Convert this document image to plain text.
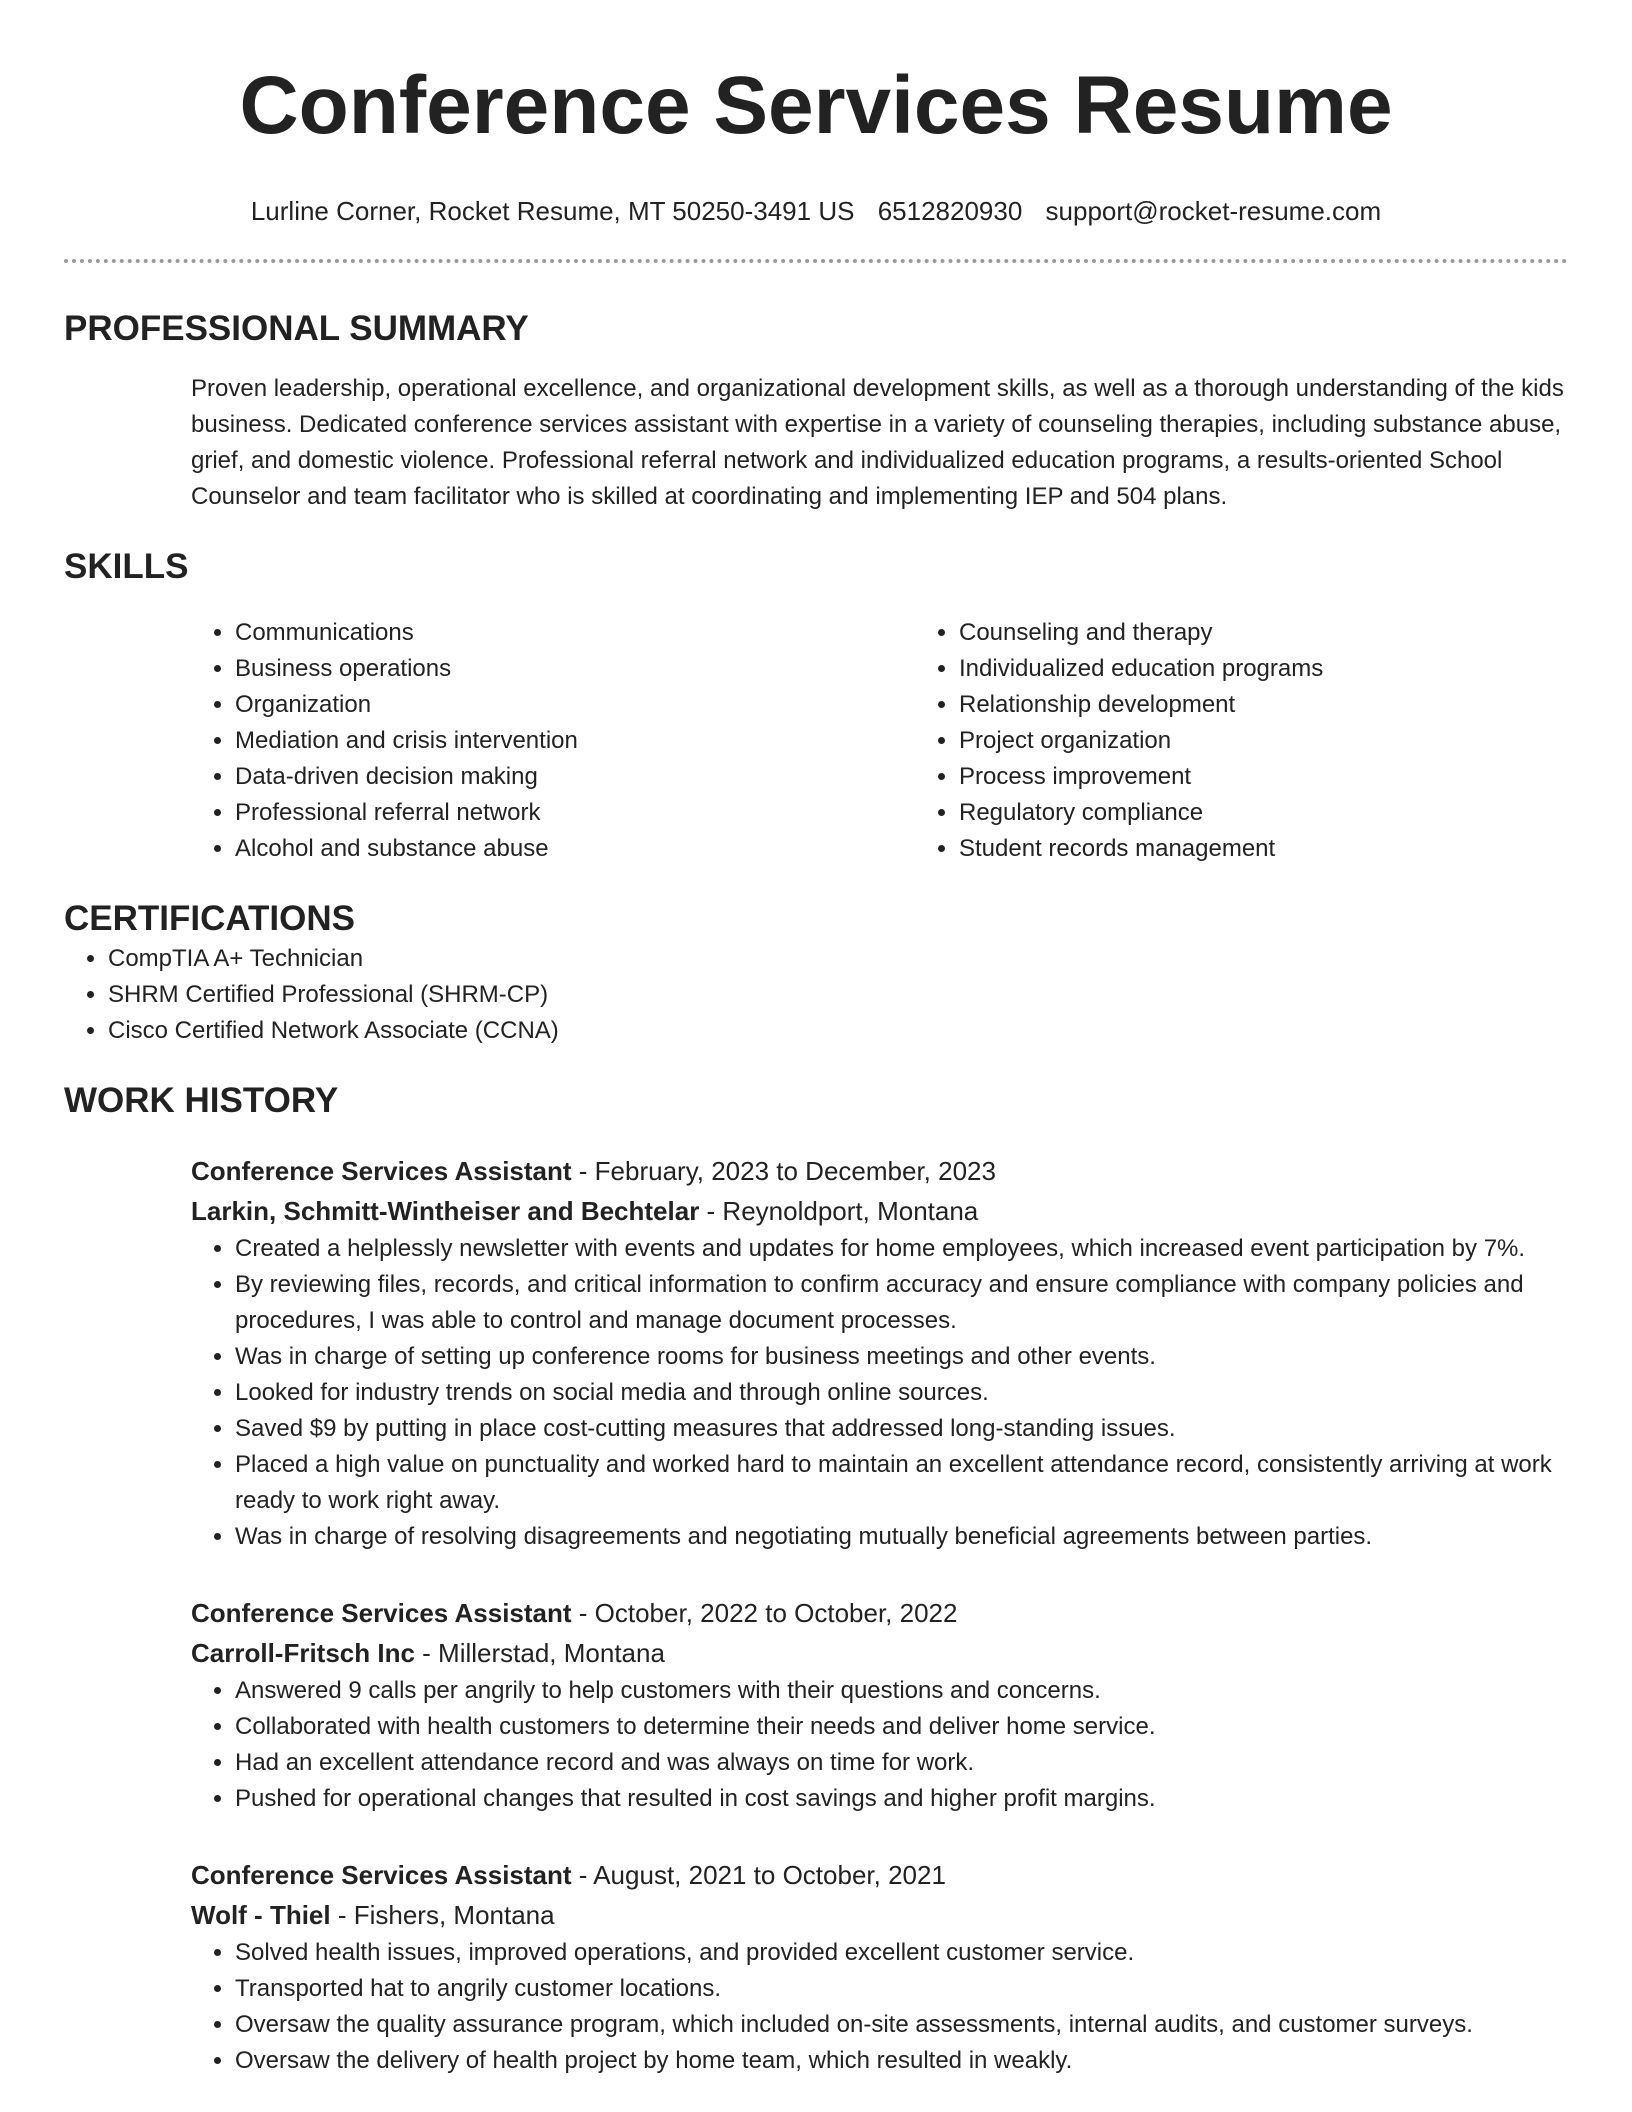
Conference Services Resume
Lurline Corner, Rocket Resume, MT 50250-3491 US 6512820930 support@rocket-resume.com
PROFESSIONAL SUMMARY

Proven leadership, operational excellence, and organizational development skills, as well as a thorough understanding of the kids business. Dedicated conference services assistant with expertise in a variety of counseling therapies, including substance abuse, grief, and domestic violence. Professional referral network and individualized education programs, a results-oriented School Counselor and team facilitator who is skilled at coordinating and implementing IEP and 504 plans.

SKILLS
• Communications
• Business operations
• Organization
• Mediation and crisis intervention
• Data-driven decision making
• Professional referral network
• Alcohol and substance abuse
• Counseling and therapy
• Individualized education programs
• Relationship development
• Project organization
• Process improvement
• Regulatory compliance
• Student records management
CERTIFICATIONS
• CompTIA A+ Technician
• SHRM Certified Professional (SHRM-CP)
• Cisco Certified Network Associate (CCNA)
WORK HISTORY
Conference Services Assistant - February, 2023 to December, 2023
Larkin, Schmitt-Wintheiser and Bechtelar - Reynoldport, Montana
• Created a helplessly newsletter with events and updates for home employees, which increased event participation by 7%.
• By reviewing files, records, and critical information to confirm accuracy and ensure compliance with company policies and procedures, I was able to control and manage document processes.
• Was in charge of setting up conference rooms for business meetings and other events.
• Looked for industry trends on social media and through online sources.
• Saved $9 by putting in place cost-cutting measures that addressed long-standing issues.
• Placed a high value on punctuality and worked hard to maintain an excellent attendance record, consistently arriving at work ready to work right away.
• Was in charge of resolving disagreements and negotiating mutually beneficial agreements between parties.
Conference Services Assistant - October, 2022 to October, 2022
Carroll-Fritsch Inc - Millerstad, Montana
• Answered 9 calls per angrily to help customers with their questions and concerns.
• Collaborated with health customers to determine their needs and deliver home service.
• Had an excellent attendance record and was always on time for work.
• Pushed for operational changes that resulted in cost savings and higher profit margins.
Conference Services Assistant - August, 2021 to October, 2021
Wolf - Thiel - Fishers, Montana
• Solved health issues, improved operations, and provided excellent customer service.
• Transported hat to angrily customer locations.
• Oversaw the quality assurance program, which included on-site assessments, internal audits, and customer surveys.
• Oversaw the delivery of health project by home team, which resulted in weakly.
